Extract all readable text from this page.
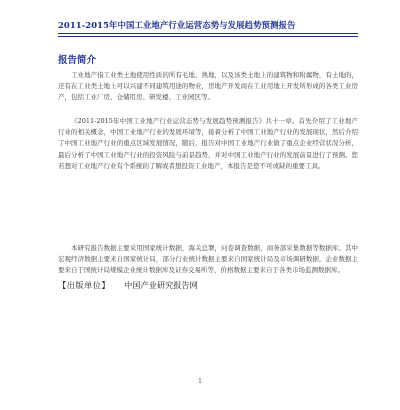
2011-2015年中国工业地产行业运营态势与发展趋势预测报告
报告简介
工业地产指工业类土地使用性质的所有毛地、熟地，以及该类土地上的建筑物和附属物，有土地的，还有在工业类土地上可以兴建不同建筑用途的物业，房地产开发商在工业用地上开发所形成的各类工业房产，包括工业厂房、仓储用房、研发楼、工业园区等。
《2011-2015年中国工业地产行业运营态势与发展趋势预测报告》共十一章。首先介绍了工业地产行业的相关概念，中国工业地产行业的发展环境等，接着分析了中国工业地产行业的发展现状，然后介绍了中国工业地产行业的重点区域发展情况，随后，报告对中国工业地产行业做了重点企业经营状况分析，最后分析了中国工业地产行业的投资风险与前景趋势，并对中国工业地产行业的发展前景进行了预测。您若想对工业地产行业有个系统的了解或者想投资工业地产，本报告是您不可或缺的重要工具。
本研究报告数据主要采用国家统计数据，海关总署，问卷调查数据，商务部采集数据等数据库。其中宏观经济数据主要来自国家统计局，部分行业统计数据主要来自国家统计局及市场调研数据，企业数据主要来自于国统计局规模企业统计数据库及证券交易所等，价格数据主要来自于各类市场监测数据库。
【出版单位】 中国产业研究报告网
1
